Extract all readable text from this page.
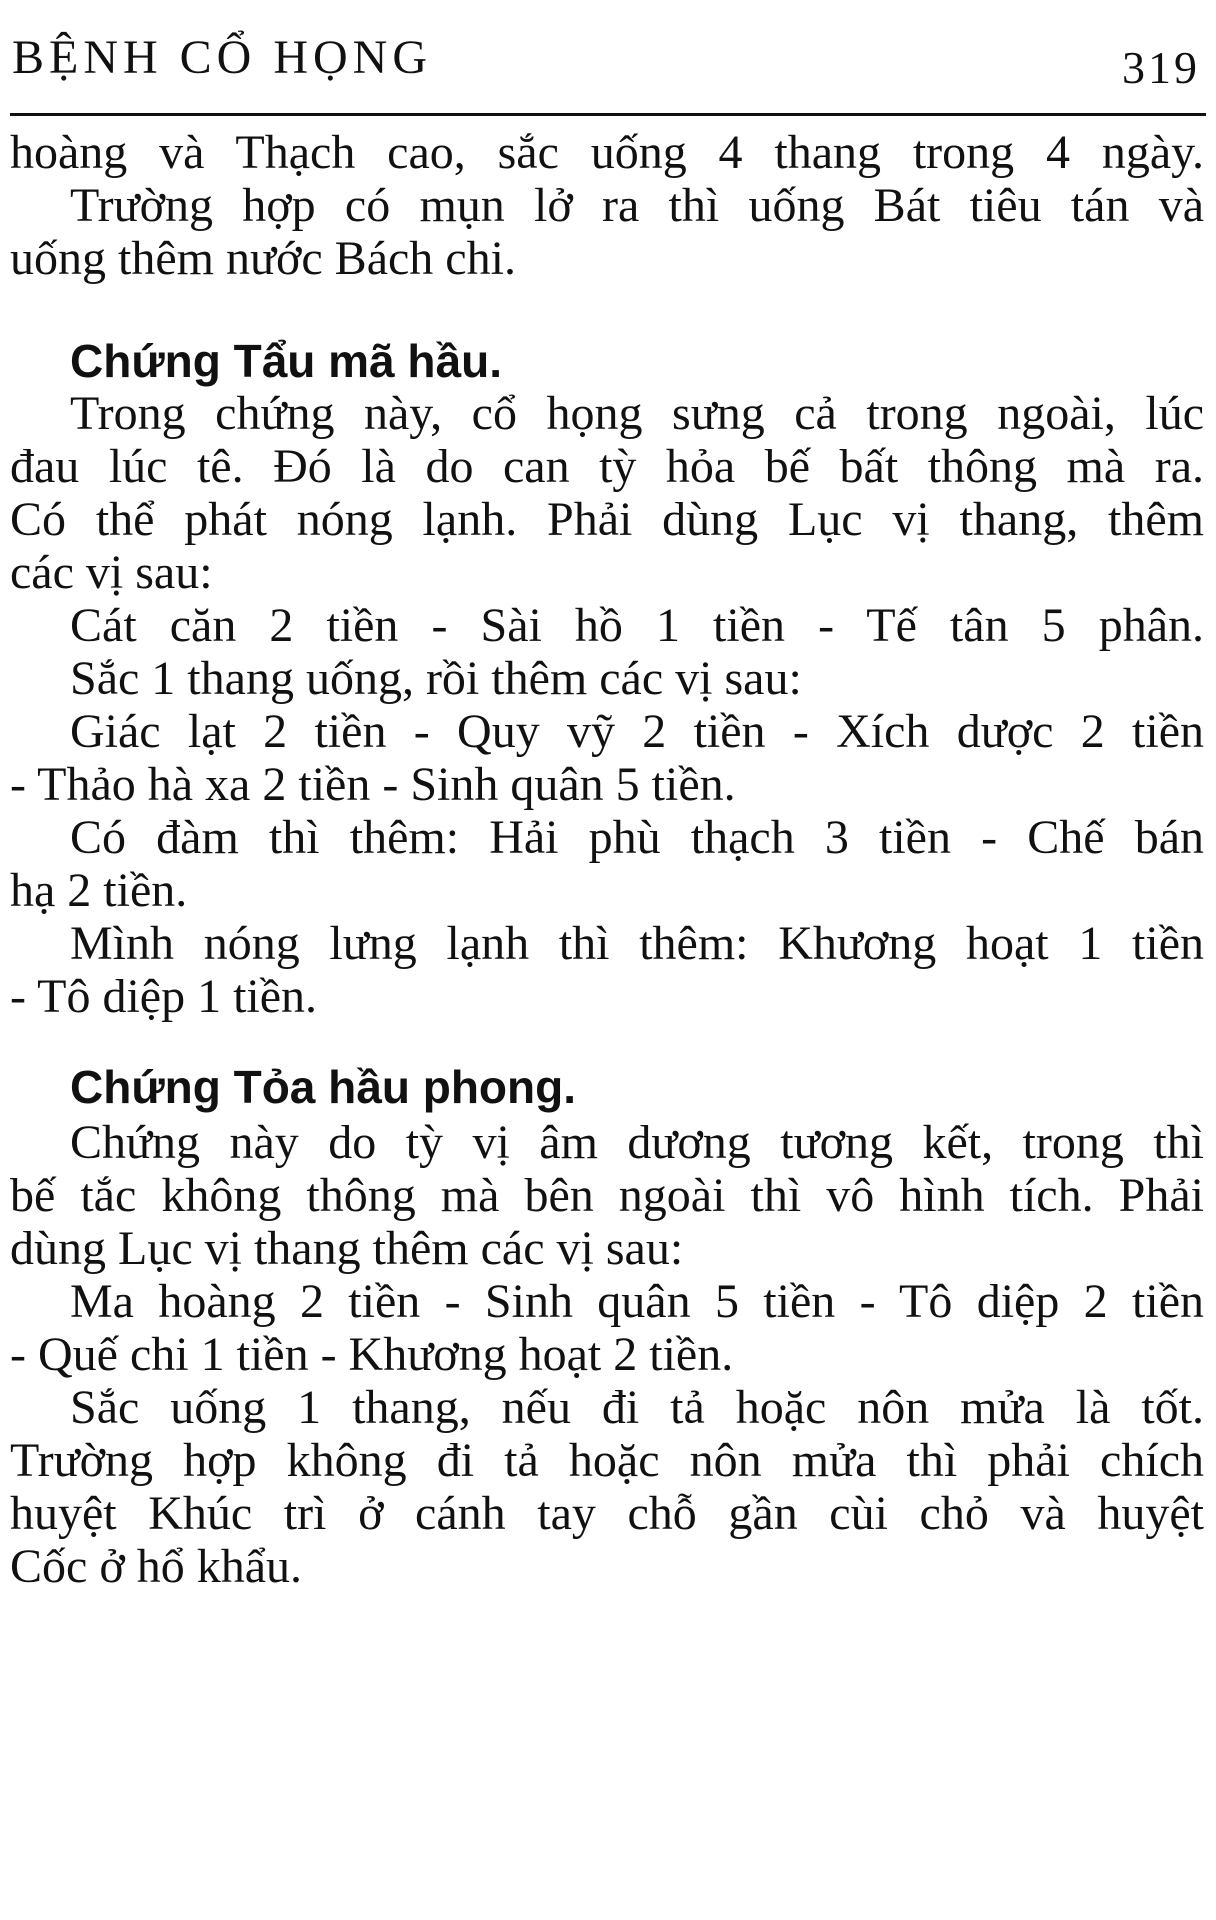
BỆNH CỔ HỌNG	319
hoàng và Thạch cao, sắc uống 4 thang trong 4 ngày.
Trường hợp có mụn lở ra thì uống Bát tiêu tán và
uống thêm nước Bách chi.
Chứng Tẩu mã hầu.
Trong chứng này, cổ họng sưng cả trong ngoài, lúc
đau lúc tê. Đó là do can tỳ hỏa bế bất thông mà ra.
Có thể phát nóng lạnh. Phải dùng Lục vị thang, thêm
các vị sau:
Cát căn 2 tiền - Sài hồ 1 tiền - Tế tân 5 phân.
Sắc 1 thang uống, rồi thêm các vị sau:
Giác lạt 2 tiền - Quy vỹ 2 tiền - Xích dược 2 tiền
- Thảo hà xa 2 tiền - Sinh quân 5 tiền.
Có đàm thì thêm: Hải phù thạch 3 tiền - Chế bán
hạ 2 tiền.
Mình nóng lưng lạnh thì thêm: Khương hoạt 1 tiền
- Tô diệp 1 tiền.
Chứng Tỏa hầu phong.
Chứng này do tỳ vị âm dương tương kết, trong thì
bế tắc không thông mà bên ngoài thì vô hình tích. Phải
dùng Lục vị thang thêm các vị sau:
Ma hoàng 2 tiền - Sinh quân 5 tiền - Tô diệp 2 tiền
- Quế chi 1 tiền - Khương hoạt 2 tiền.
Sắc uống 1 thang, nếu đi tả hoặc nôn mửa là tốt.
Trường hợp không đi tả hoặc nôn mửa thì phải chích
huyệt Khúc trì ở cánh tay chỗ gần cùi chỏ và huyệt
Cốc ở hổ khẩu.
